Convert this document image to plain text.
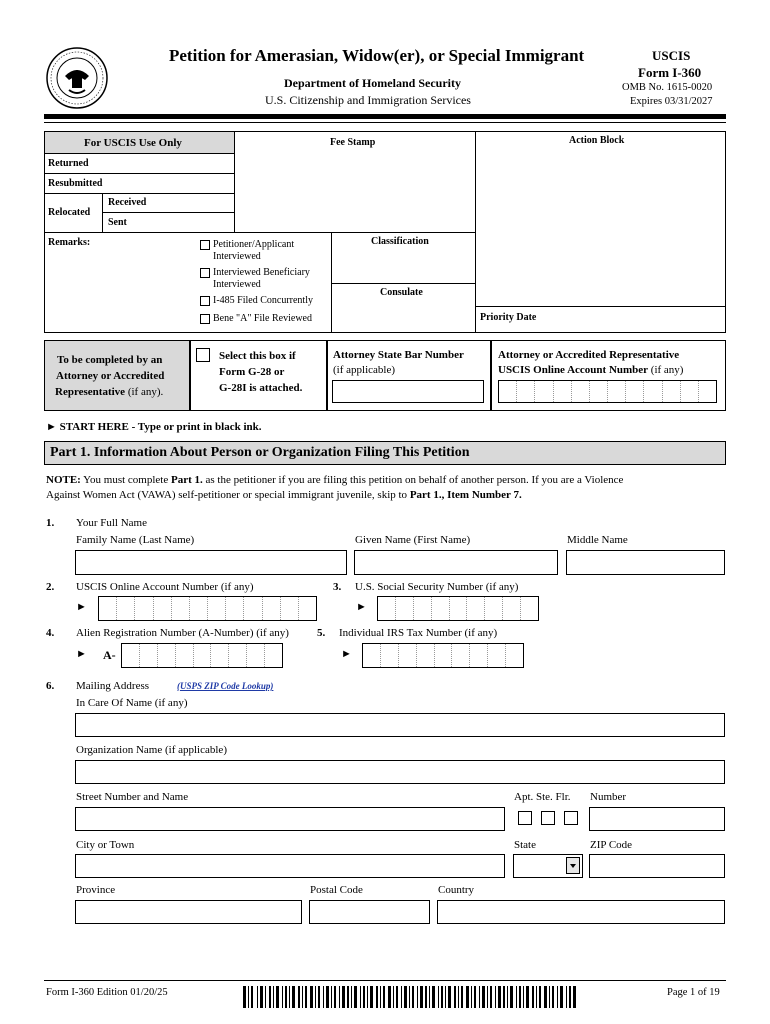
Petition for Amerasian, Widow(er), or Special Immigrant
Department of Homeland Security
U.S. Citizenship and Immigration Services
USCIS
Form I-360
OMB No. 1615-0020
Expires 03/31/2027
For USCIS Use Only
Returned
Resubmitted
Relocated
Received
Sent
Fee Stamp	Action Block
Remarks:	Petitioner/Applicant
Interviewed
Interviewed Beneficiary
Interviewed
I-485 Filed Concurrently
Bene "A" File Reviewed
Classification
Consulate
Priority Date
To be completed by an
Attorney or Accredited
Representative (if any).
Select this box if
Form G-28 or
G-28I is attached.
Attorney State Bar Number
(if applicable)
Attorney or Accredited Representative
USCIS Online Account Number (if any)
► START HERE - Type or print in black ink.
Part 1. Information About Person or Organization Filing This Petition
NOTE: You must complete Part 1. as the petitioner if you are filing this petition on behalf of another person. If you are a Violence
Against Women Act (VAWA) self-petitioner or special immigrant juvenile, skip to Part 1., Item Number 7.
1. Your Full Name
Family Name (Last Name)	Given Name (First Name)	Middle Name
2. USCIS Online Account Number (if any)
►
3. U.S. Social Security Number (if any)
►
4. Alien Registration Number (A-Number) (if any)
► A-
5. Individual IRS Tax Number (if any)
►
6. Mailing Address	(USPS ZIP Code Lookup)
In Care Of Name (if any)
Organization Name (if applicable)
Street Number and Name	Apt. Ste. Flr. Number
City or Town	State	ZIP Code
Province	Postal Code	Country
Form I-360 Edition 01/20/25	Page 1 of 19
